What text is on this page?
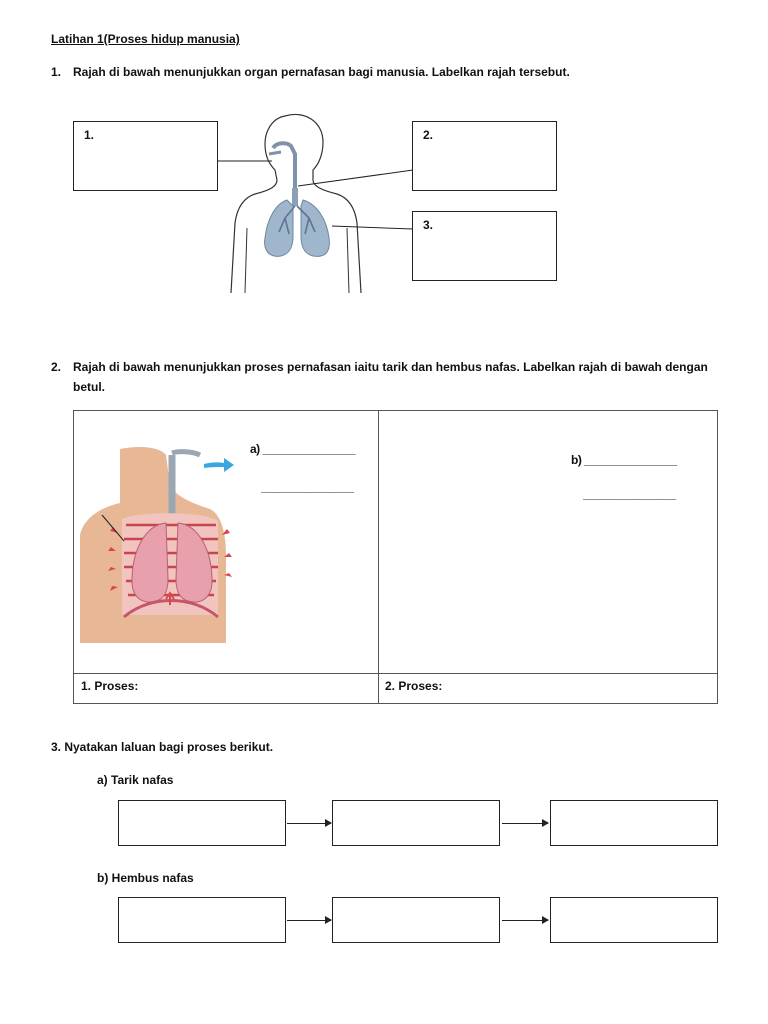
Latihan 1(Proses hidup manusia)
1. Rajah di bawah menunjukkan organ pernafasan bagi manusia. Labelkan rajah tersebut.
1.	2.
3.
2. Rajah di bawah menunjukkan proses pernafasan iaitu tarik dan hembus nafas. Labelkan rajah di bawah dengan
betul.
1. Proses:	2. Proses:
a) _______________
_______________
b) _______________
_______________
3. Nyatakan laluan bagi proses berikut.
a) Tarik nafas
b) Hembus nafas
